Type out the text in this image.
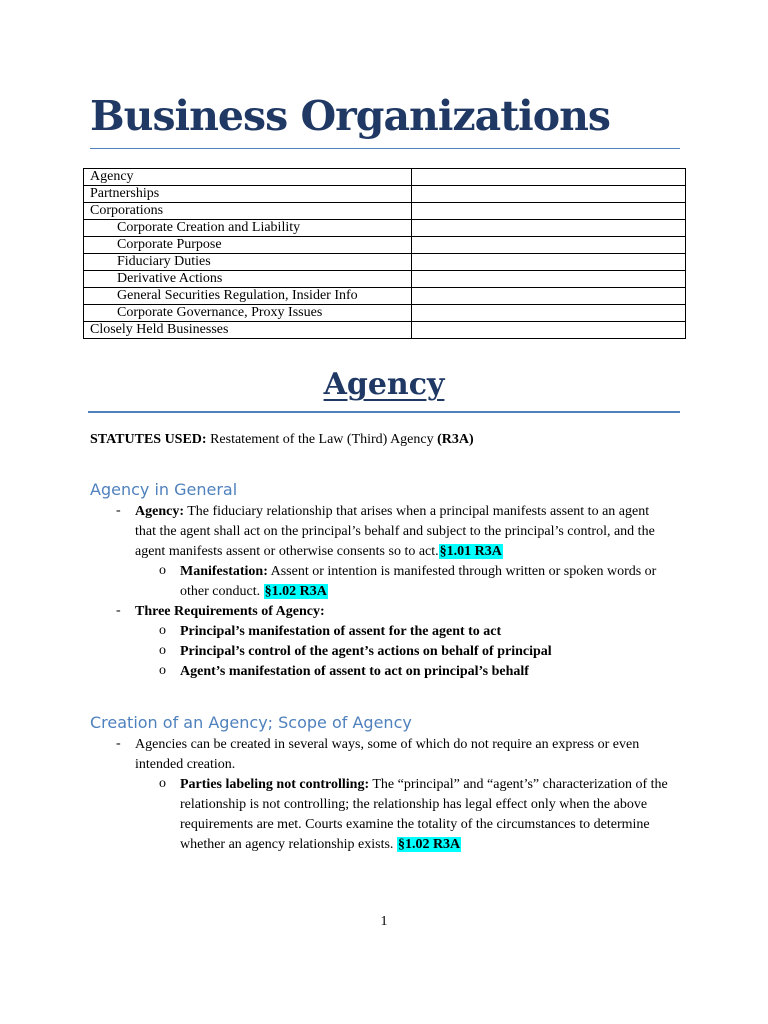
Business Organizations
Agency	
Partnerships	
Corporations	
Corporate Creation and Liability	
Corporate Purpose	
Fiduciary Duties	
Derivative Actions	
General Securities Regulation, Insider Info	
Corporate Governance, Proxy Issues	
Closely Held Businesses	
Agency
STATUTES USED: Restatement of the Law (Third) Agency (R3A)
Agency in General
- Agency: The fiduciary relationship that arises when a principal manifests assent to an agent that the agent shall act on the principal’s behalf and subject to the principal’s control, and the agent manifests assent or otherwise consents so to act.§1.01 R3A
o Manifestation: Assent or intention is manifested through written or spoken words or other conduct. §1.02 R3A
- Three Requirements of Agency:
o Principal’s manifestation of assent for the agent to act
o Principal’s control of the agent’s actions on behalf of principal
o Agent’s manifestation of assent to act on principal’s behalf
Creation of an Agency; Scope of Agency
- Agencies can be created in several ways, some of which do not require an express or even intended creation.
o Parties labeling not controlling: The “principal” and “agent’s” characterization of the relationship is not controlling; the relationship has legal effect only when the above requirements are met. Courts examine the totality of the circumstances to determine whether an agency relationship exists. §1.02 R3A
1
